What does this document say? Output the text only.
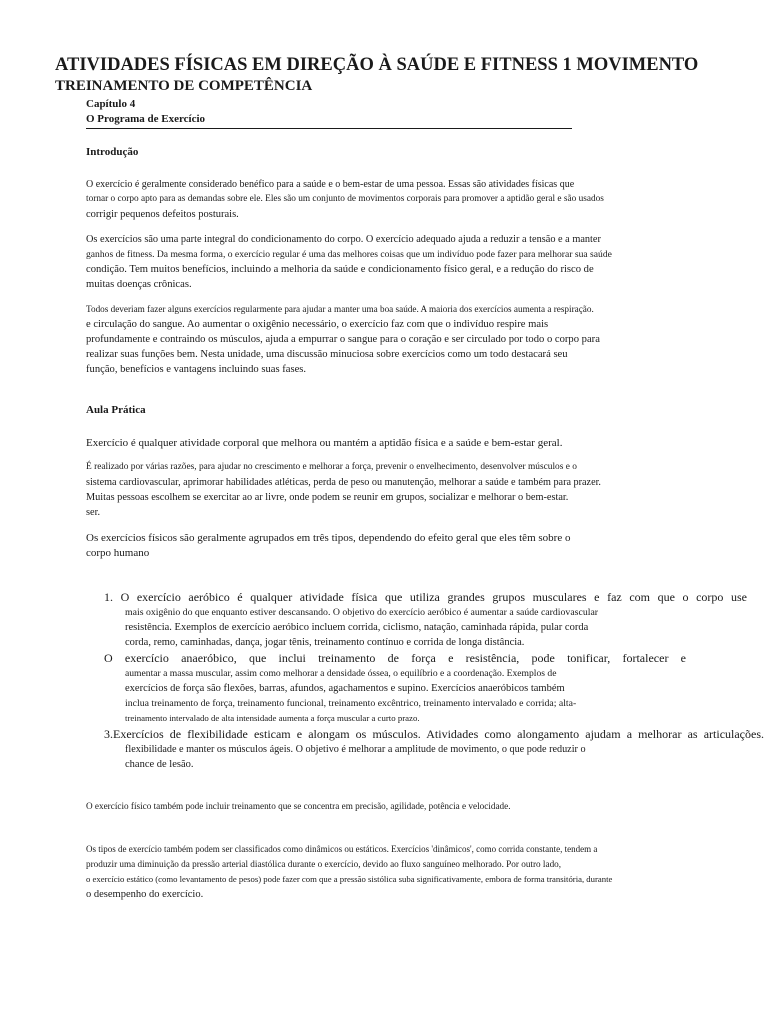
ATIVIDADES FÍSICAS EM DIREÇÃO À SAÚDE E FITNESS 1 MOVIMENTO
TREINAMENTO DE COMPETÊNCIA
Capítulo 4
O Programa de Exercício
Introdução
O exercício é geralmente considerado benéfico para a saúde e o bem-estar de uma pessoa. Essas são atividades físicas que
tornar o corpo apto para as demandas sobre ele. Eles são um conjunto de movimentos corporais para promover a aptidão geral e são usados
corrigir pequenos defeitos posturais.
Os exercícios são uma parte integral do condicionamento do corpo. O exercício adequado ajuda a reduzir a tensão e a manter
ganhos de fitness. Da mesma forma, o exercício regular é uma das melhores coisas que um indivíduo pode fazer para melhorar sua saúde
condição. Tem muitos benefícios, incluindo a melhoria da saúde e condicionamento físico geral, e a redução do risco de
muitas doenças crônicas.
Todos deveriam fazer alguns exercícios regularmente para ajudar a manter uma boa saúde. A maioria dos exercícios aumenta a respiração.
e circulação do sangue. Ao aumentar o oxigênio necessário, o exercício faz com que o indivíduo respire mais
profundamente e contraindo os músculos, ajuda a empurrar o sangue para o coração e ser circulado por todo o corpo para
realizar suas funções bem. Nesta unidade, uma discussão minuciosa sobre exercícios como um todo destacará seu
função, benefícios e vantagens incluindo suas fases.
Aula Prática
Exercício é qualquer atividade corporal que melhora ou mantém a aptidão física e a saúde e bem-estar geral.
É realizado por várias razões, para ajudar no crescimento e melhorar a força, prevenir o envelhecimento, desenvolver músculos e o
sistema cardiovascular, aprimorar habilidades atléticas, perda de peso ou manutenção, melhorar a saúde e também para prazer.
Muitas pessoas escolhem se exercitar ao ar livre, onde podem se reunir em grupos, socializar e melhorar o bem-estar.
ser.
Os exercícios físicos são geralmente agrupados em três tipos, dependendo do efeito geral que eles têm sobre o
corpo humano
1. O exercício aeróbico é qualquer atividade física que utiliza grandes grupos musculares e faz com que o corpo use
mais oxigênio do que enquanto estiver descansando. O objetivo do exercício aeróbico é aumentar a saúde cardiovascular
resistência. Exemplos de exercício aeróbico incluem corrida, ciclismo, natação, caminhada rápida, pular corda
corda, remo, caminhadas, dança, jogar tênis, treinamento contínuo e corrida de longa distância.
O exercício anaeróbico, que inclui treinamento de força e resistência, pode tonificar, fortalecer e
aumentar a massa muscular, assim como melhorar a densidade óssea, o equilíbrio e a coordenação. Exemplos de
exercícios de força são flexões, barras, afundos, agachamentos e supino. Exercícios anaeróbicos também
inclua treinamento de força, treinamento funcional, treinamento excêntrico, treinamento intervalado e corrida; alta-
treinamento intervalado de alta intensidade aumenta a força muscular a curto prazo.
3.Exercícios de flexibilidade esticam e alongam os músculos. Atividades como alongamento ajudam a melhorar as articulações.
flexibilidade e manter os músculos ágeis. O objetivo é melhorar a amplitude de movimento, o que pode reduzir o
chance de lesão.
O exercício físico também pode incluir treinamento que se concentra em precisão, agilidade, potência e velocidade.
Os tipos de exercício também podem ser classificados como dinâmicos ou estáticos. Exercícios 'dinâmicos', como corrida constante, tendem a
produzir uma diminuição da pressão arterial diastólica durante o exercício, devido ao fluxo sanguíneo melhorado. Por outro lado,
o exercício estático (como levantamento de pesos) pode fazer com que a pressão sistólica suba significativamente, embora de forma transitória, durante
o desempenho do exercício.
